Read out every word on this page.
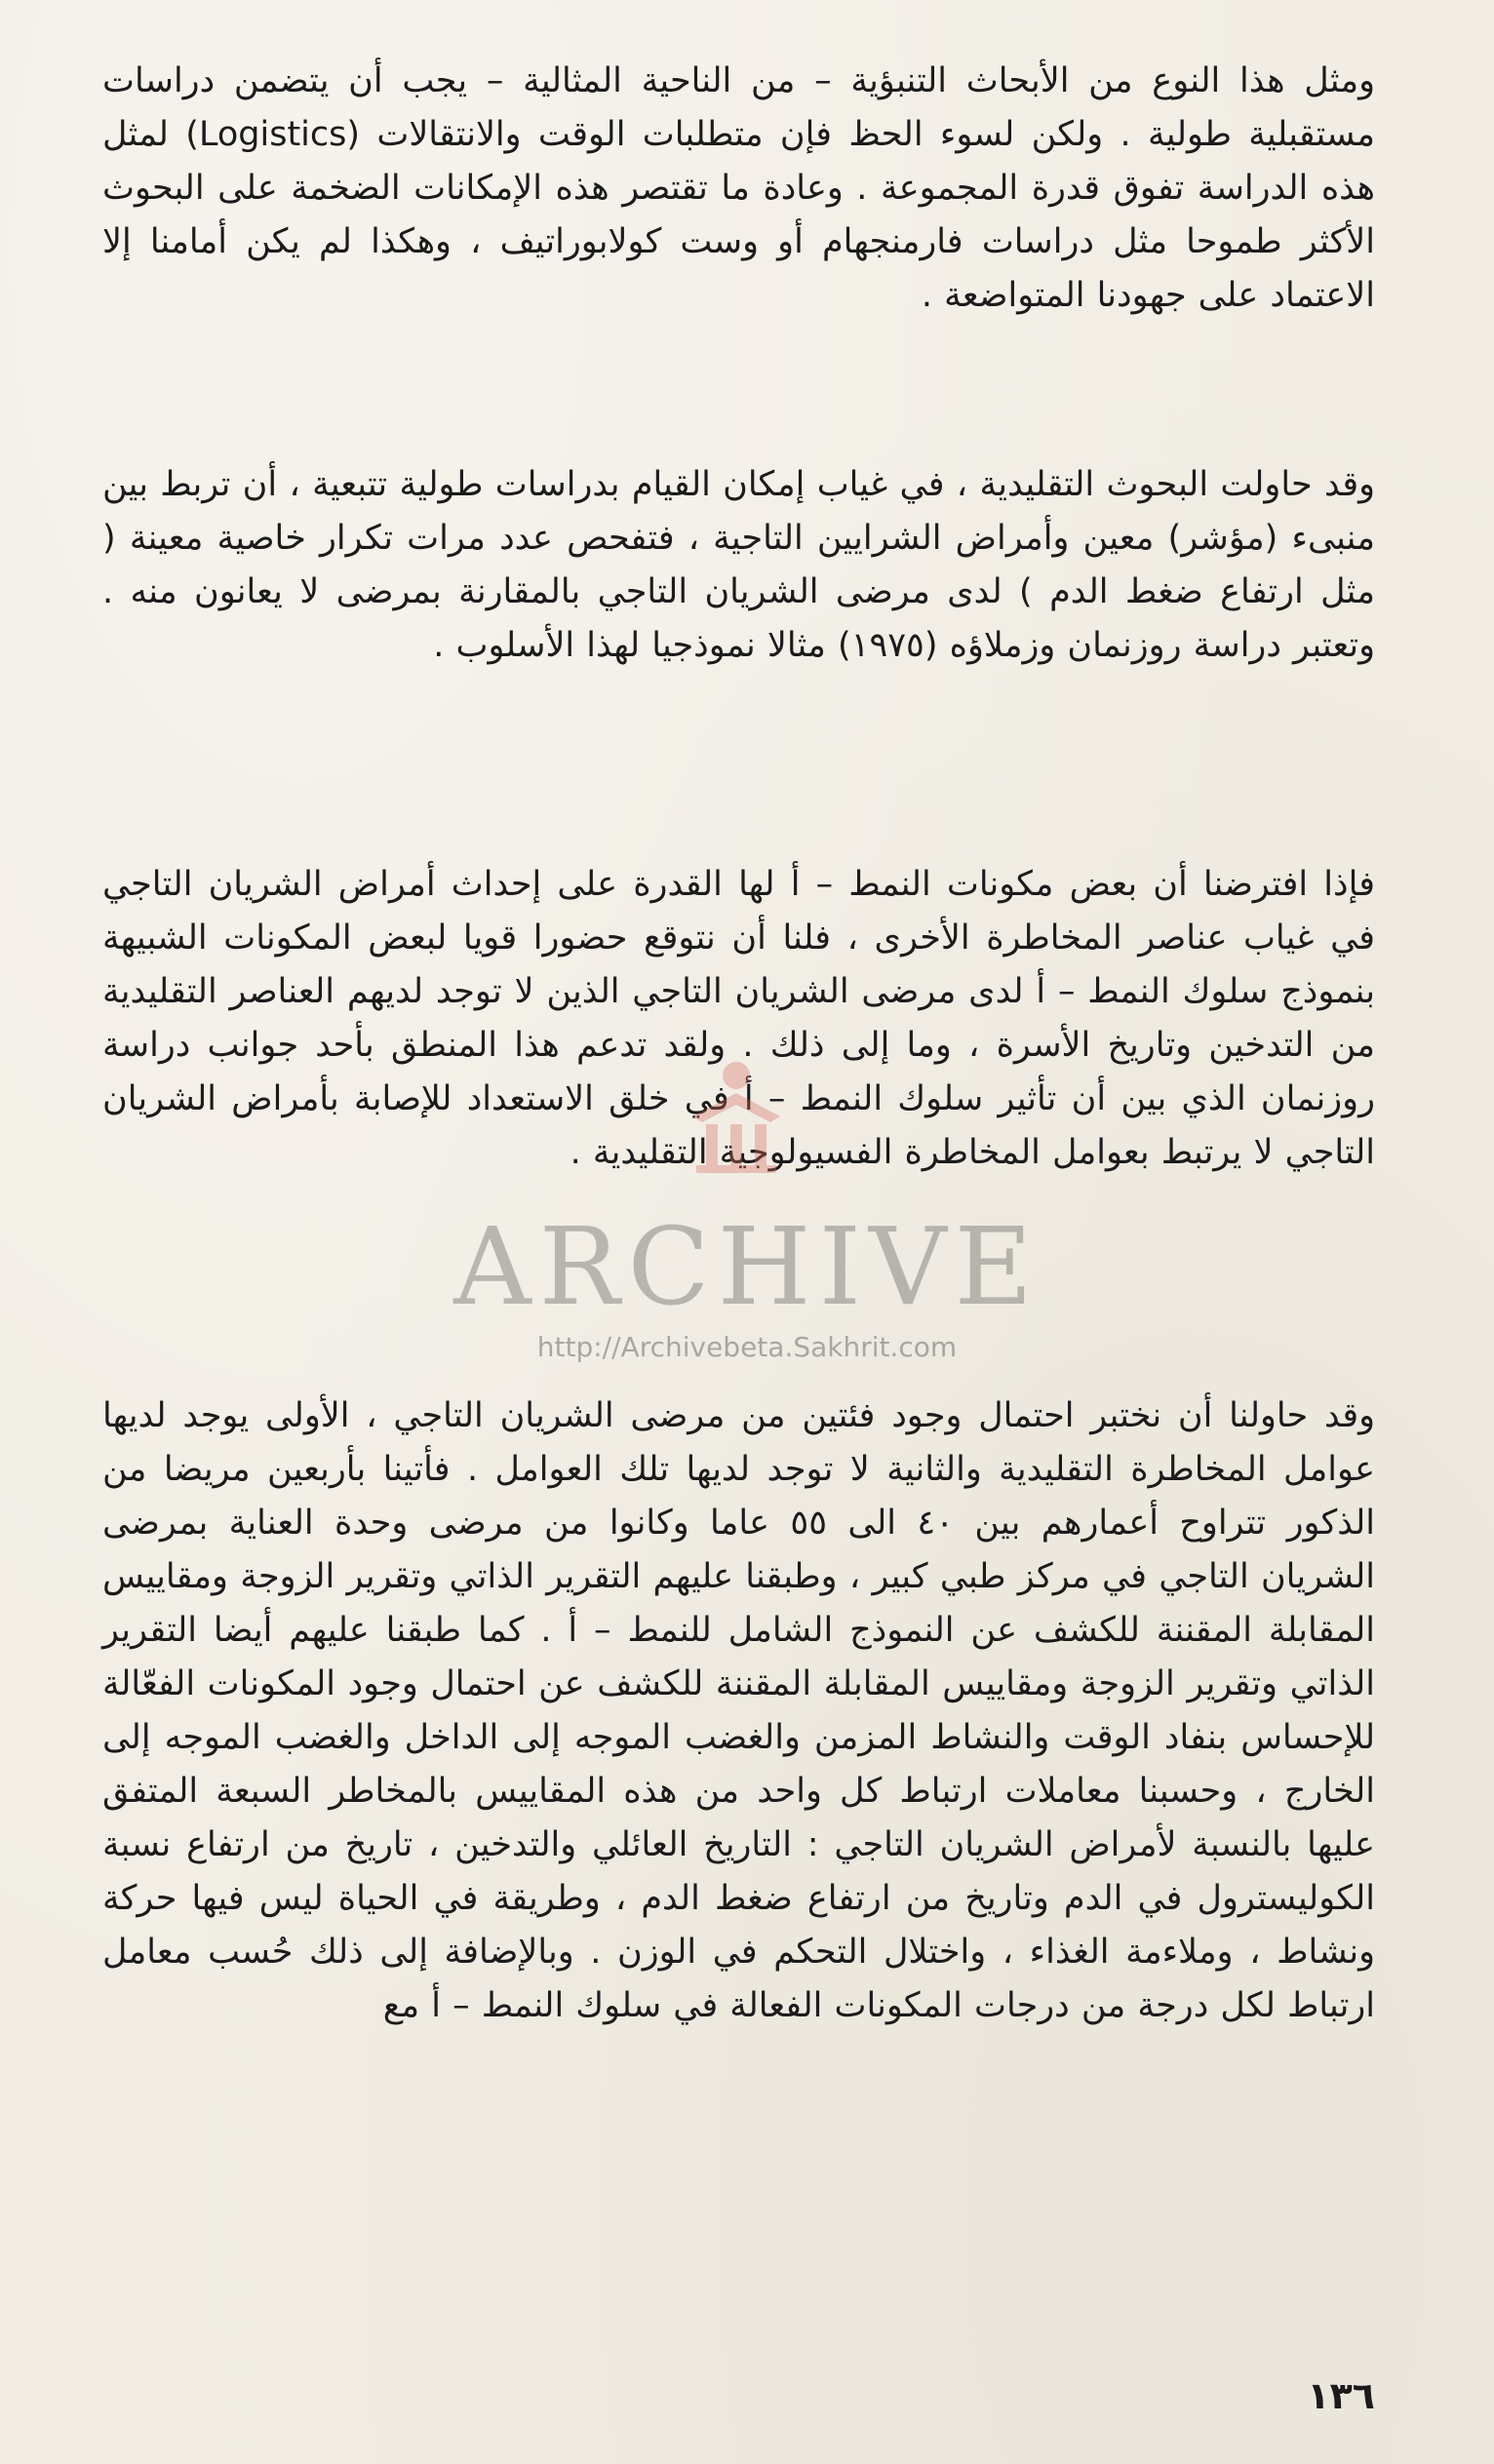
ومثل هذا النوع من الأبحاث التنبؤية – من الناحية المثالية – يجب أن يتضمن دراسات مستقبلية طولية . ولكن لسوء الحظ فإن متطلبات الوقت والانتقالات (Logistics) لمثل هذه الدراسة تفوق قدرة المجموعة . وعادة ما تقتصر هذه الإمكانات الضخمة على البحوث الأكثر طموحا مثل دراسات فارمنجهام أو وست كولابوراتيف ، وهكذا لم يكن أمامنا إلا الاعتماد على جهودنا المتواضعة .

وقد حاولت البحوث التقليدية ، في غياب إمكان القيام بدراسات طولية تتبعية ، أن تربط بين منبىء (مؤشر) معين وأمراض الشرايين التاجية ، فتفحص عدد مرات تكرار خاصية معينة ( مثل ارتفاع ضغط الدم ) لدى مرضى الشريان التاجي بالمقارنة بمرضى لا يعانون منه . وتعتبر دراسة روزنمان وزملاؤه (١٩٧٥) مثالا نموذجيا لهذا الأسلوب .

فإذا افترضنا أن بعض مكونات النمط – أ لها القدرة على إحداث أمراض الشريان التاجي في غياب عناصر المخاطرة الأخرى ، فلنا أن نتوقع حضورا قويا لبعض المكونات الشبيهة بنموذج سلوك النمط – أ لدى مرضى الشريان التاجي الذين لا توجد لديهم العناصر التقليدية من التدخين وتاريخ الأسرة ، وما إلى ذلك . ولقد تدعم هذا المنطق بأحد جوانب دراسة روزنمان الذي بين أن تأثير سلوك النمط – أ في خلق الاستعداد للإصابة بأمراض الشريان التاجي لا يرتبط بعوامل المخاطرة الفسيولوجية التقليدية .

وقد حاولنا أن نختبر احتمال وجود فئتين من مرضى الشريان التاجي ، الأولى يوجد لديها عوامل المخاطرة التقليدية والثانية لا توجد لديها تلك العوامل . فأتينا بأربعين مريضا من الذكور تتراوح أعمارهم بين ٤٠ الى ٥٥ عاما وكانوا من مرضى وحدة العناية بمرضى الشريان التاجي في مركز طبي كبير ، وطبقنا عليهم التقرير الذاتي وتقرير الزوجة ومقاييس المقابلة المقننة للكشف عن النموذج الشامل للنمط – أ . كما طبقنا عليهم أيضا التقرير الذاتي وتقرير الزوجة ومقاييس المقابلة المقننة للكشف عن احتمال وجود المكونات الفعّالة للإحساس بنفاد الوقت والنشاط المزمن والغضب الموجه إلى الداخل والغضب الموجه إلى الخارج ، وحسبنا معاملات ارتباط كل واحد من هذه المقاييس بالمخاطر السبعة المتفق عليها بالنسبة لأمراض الشريان التاجي : التاريخ العائلي والتدخين ، تاريخ من ارتفاع نسبة الكوليسترول في الدم وتاريخ من ارتفاع ضغط الدم ، وطريقة في الحياة ليس فيها حركة ونشاط ، وملاءمة الغذاء ، واختلال التحكم في الوزن . وبالإضافة إلى ذلك حُسب معامل ارتباط لكل درجة من درجات المكونات الفعالة في سلوك النمط – أ مع

ARCHIVE
http://Archivebeta.Sakhrit.com
١٣٦
